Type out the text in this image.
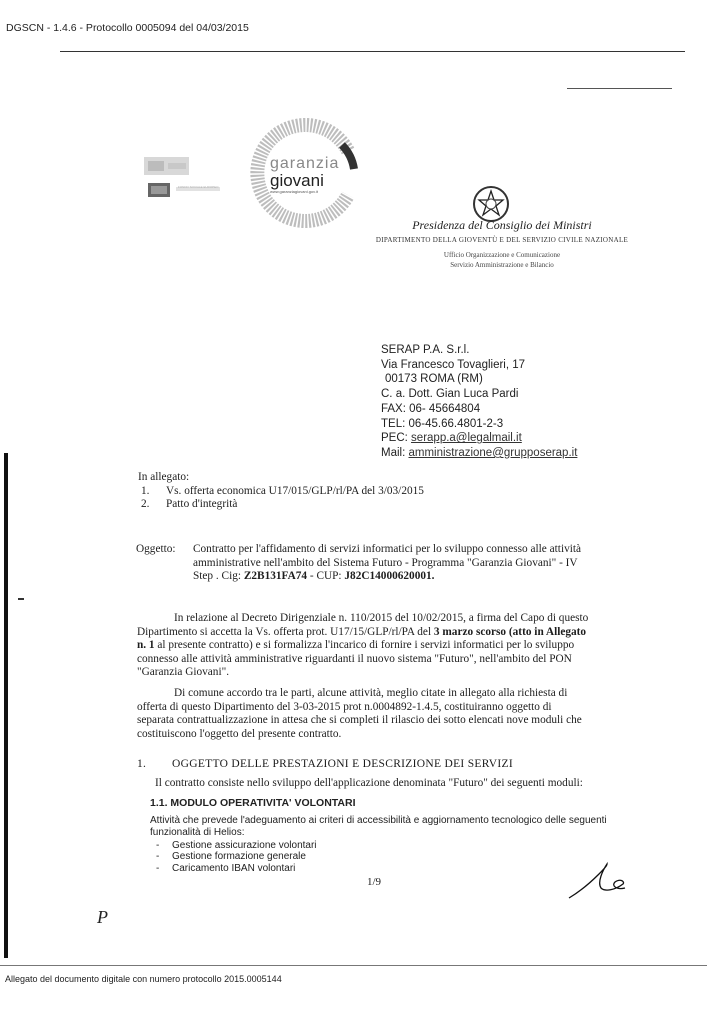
DGSCN - 1.4.6 - Protocollo 0005094 del 04/03/2015
FONDO SOCIALE EUROPEO
garanzia
giovani
www.garanziagiovani.gov.it
Presidenza del Consiglio dei Ministri
DIPARTIMENTO DELLA GIOVENTÙ E DEL SERVIZIO CIVILE NAZIONALE
Ufficio Organizzazione e Comunicazione
Servizio Amministrazione e Bilancio
SERAP P.A. S.r.l.
Via Francesco Tovaglieri, 17
00173 ROMA (RM)
C. a. Dott. Gian Luca Pardi
FAX: 06- 45664804
TEL: 06-45.66.4801-2-3
PEC: serapp.a@legalmail.it
Mail: amministrazione@grupposerap.it
In allegato:
1. Vs. offerta economica U17/015/GLP/rl/PA del 3/03/2015
2. Patto d'integrità
Oggetto: Contratto per l'affidamento di servizi informatici per lo sviluppo connesso alle attività
amministrative nell'ambito del Sistema Futuro - Programma "Garanzia Giovani" - IV
Step . Cig: Z2B131FA74 - CUP: J82C14000620001.
In relazione al Decreto Dirigenziale n. 110/2015 del 10/02/2015, a firma del Capo di questo
Dipartimento si accetta la Vs. offerta prot. U17/15/GLP/rl/PA del 3 marzo scorso (atto in Allegato
n. 1 al presente contratto) e si formalizza l'incarico di fornire i servizi informatici per lo sviluppo
connesso alle attività amministrative riguardanti il nuovo sistema "Futuro", nell'ambito del PON
"Garanzia Giovani".
Di comune accordo tra le parti, alcune attività, meglio citate in allegato alla richiesta di
offerta di questo Dipartimento del 3-03-2015 prot n.0004892-1.4.5, costituiranno oggetto di
separata contrattualizzazione in attesa che si completi il rilascio dei sotto elencati nove moduli che
costituiscono l'oggetto del presente contratto.
1. OGGETTO DELLE PRESTAZIONI E DESCRIZIONE DEI SERVIZI
Il contratto consiste nello sviluppo dell'applicazione denominata "Futuro" dei seguenti moduli:
1.1. MODULO OPERATIVITA' VOLONTARI
Attività che prevede l'adeguamento ai criteri di accessibilità e aggiornamento tecnologico delle seguenti
funzionalità di Helios:
- Gestione assicurazione volontari
- Gestione formazione generale
- Caricamento IBAN volontari
1/9
P
Allegato del documento digitale con numero protocollo 2015.0005144
